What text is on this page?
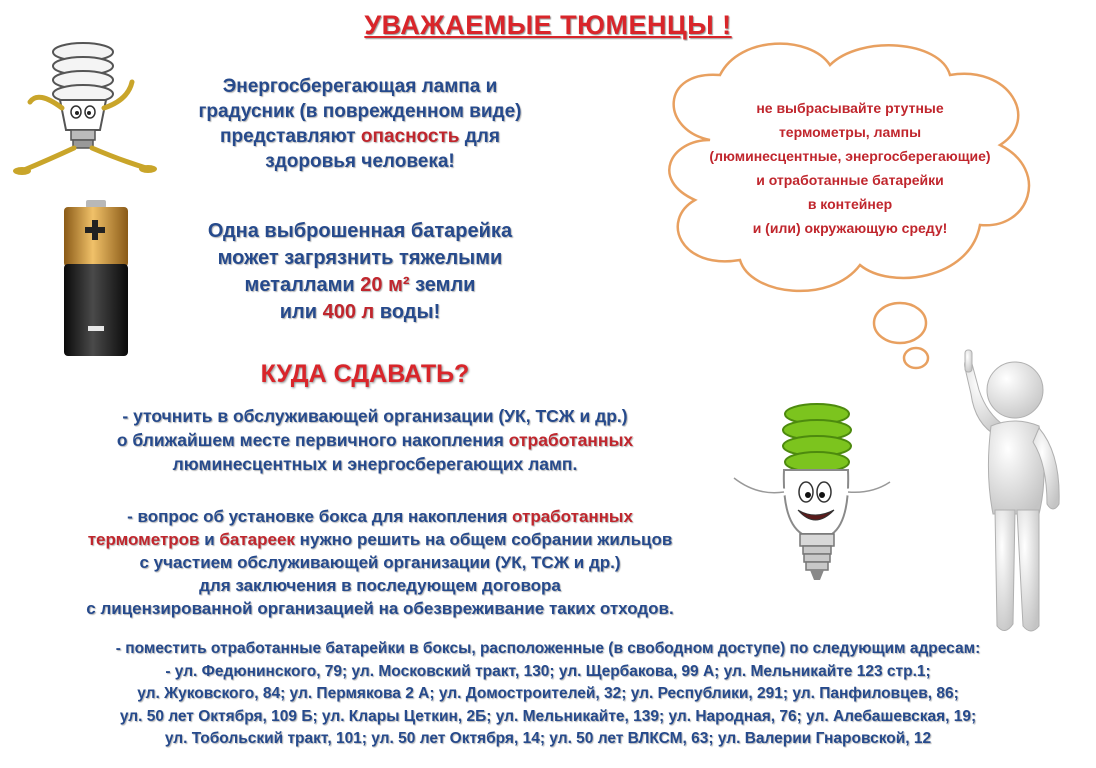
УВАЖАЕМЫЕ ТЮМЕНЦЫ !
Энергосберегающая лампа и
градусник (в поврежденном виде)
представляют опасность для
здоровья человека!
Одна выброшенная батарейка
может загрязнить тяжелыми
металлами 20 м² земли
или 400 л воды!
не выбрасывайте ртутные
термометры, лампы
(люминесцентные, энергосберегающие)
и отработанные батарейки
в контейнер
и (или) окружающую среду!
КУДА СДАВАТЬ?
- уточнить в обслуживающей организации (УК, ТСЖ и др.)
о ближайшем месте первичного накопления отработанных
люминесцентных и энергосберегающих ламп.
- вопрос об установке бокса для накопления отработанных
термометров и батареек нужно решить на общем собрании жильцов
с участием обслуживающей организации (УК, ТСЖ и др.)
для заключения в последующем договора
с лицензированной организацией на обезвреживание таких отходов.
- поместить отработанные батарейки в боксы, расположенные (в свободном доступе) по следующим адресам:
- ул. Федюнинского, 79; ул. Московский тракт, 130; ул. Щербакова, 99 А; ул. Мельникайте 123 стр.1;
ул. Жуковского, 84; ул. Пермякова 2 А; ул. Домостроителей, 32; ул. Республики, 291; ул. Панфиловцев, 86;
ул. 50 лет Октября, 109 Б; ул. Клары Цеткин, 2Б; ул. Мельникайте, 139; ул. Народная, 76; ул. Алебашевская, 19;
ул. Тобольский тракт, 101; ул. 50 лет Октября, 14; ул. 50 лет ВЛКСМ, 63; ул. Валерии Гнаровской, 12
